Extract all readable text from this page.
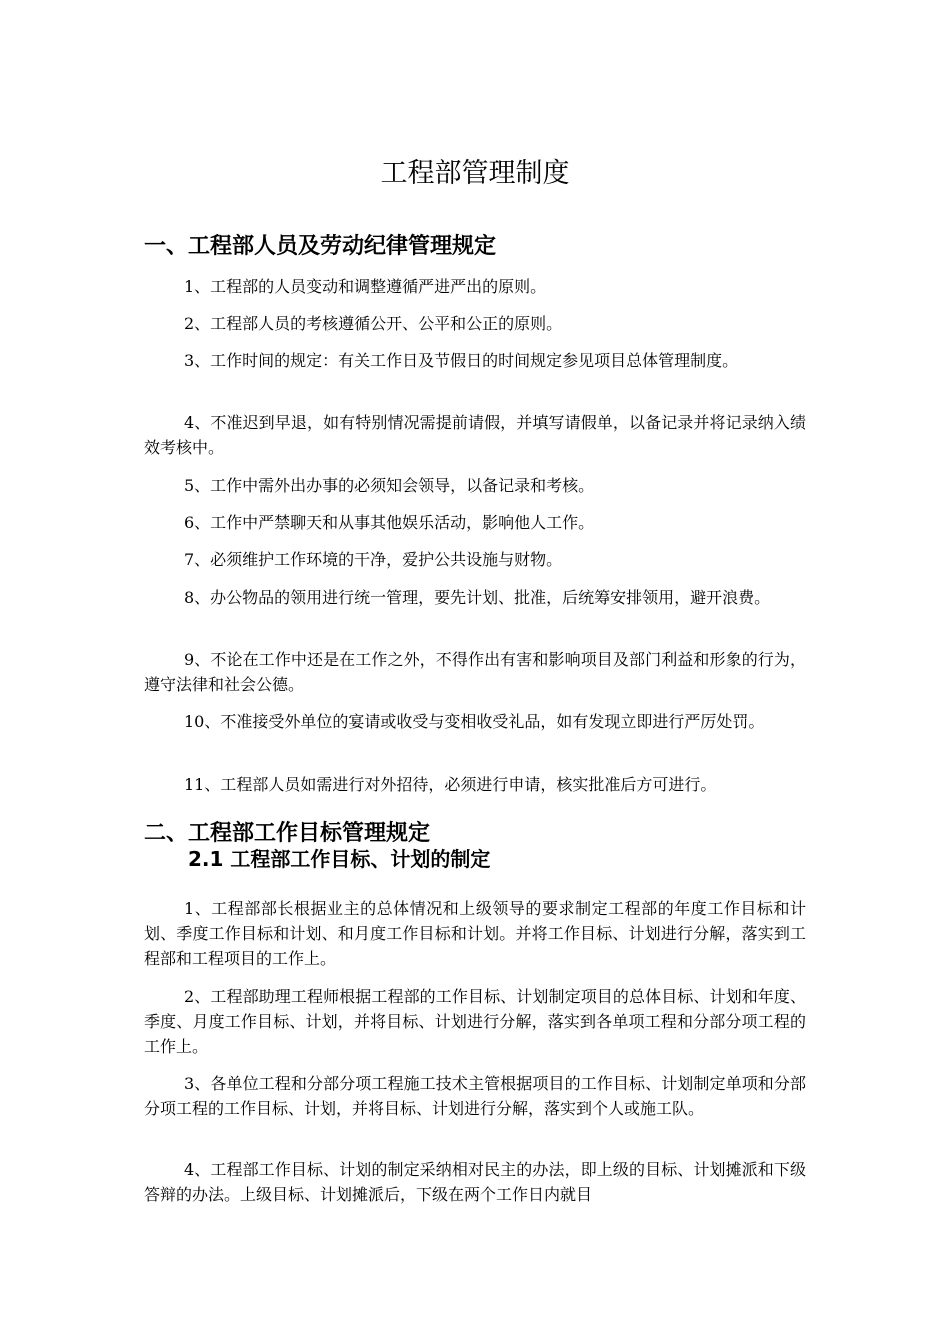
工程部管理制度
一、工程部人员及劳动纪律管理规定
1、工程部的人员变动和调整遵循严进严出的原则。
2、工程部人员的考核遵循公开、公平和公正的原则。
3、工作时间的规定：有关工作日及节假日的时间规定参见项目总体管理制度。
4、不准迟到早退，如有特别情况需提前请假，并填写请假单，以备记录并将记录纳入绩效考核中。
5、工作中需外出办事的必须知会领导，以备记录和考核。
6、工作中严禁聊天和从事其他娱乐活动，影响他人工作。
7、必须维护工作环境的干净，爱护公共设施与财物。
8、办公物品的领用进行统一管理，要先计划、批准，后统筹安排领用，避开浪费。
9、不论在工作中还是在工作之外，不得作出有害和影响项目及部门利益和形象的行为，遵守法律和社会公德。
10、不准接受外单位的宴请或收受与变相收受礼品，如有发现立即进行严厉处罚。
11、工程部人员如需进行对外招待，必须进行申请，核实批准后方可进行。
二、工程部工作目标管理规定
2.1 工程部工作目标、计划的制定
1、工程部部长根据业主的总体情况和上级领导的要求制定工程部的年度工作目标和计划、季度工作目标和计划、和月度工作目标和计划。并将工作目标、计划进行分解，落实到工程部和工程项目的工作上。
2、工程部助理工程师根据工程部的工作目标、计划制定项目的总体目标、计划和年度、季度、月度工作目标、计划，并将目标、计划进行分解，落实到各单项工程和分部分项工程的工作上。
3、各单位工程和分部分项工程施工技术主管根据项目的工作目标、计划制定单项和分部分项工程的工作目标、计划，并将目标、计划进行分解，落实到个人或施工队。
4、工程部工作目标、计划的制定采纳相对民主的办法，即上级的目标、计划摊派和下级答辩的办法。上级目标、计划摊派后，下级在两个工作日内就目
